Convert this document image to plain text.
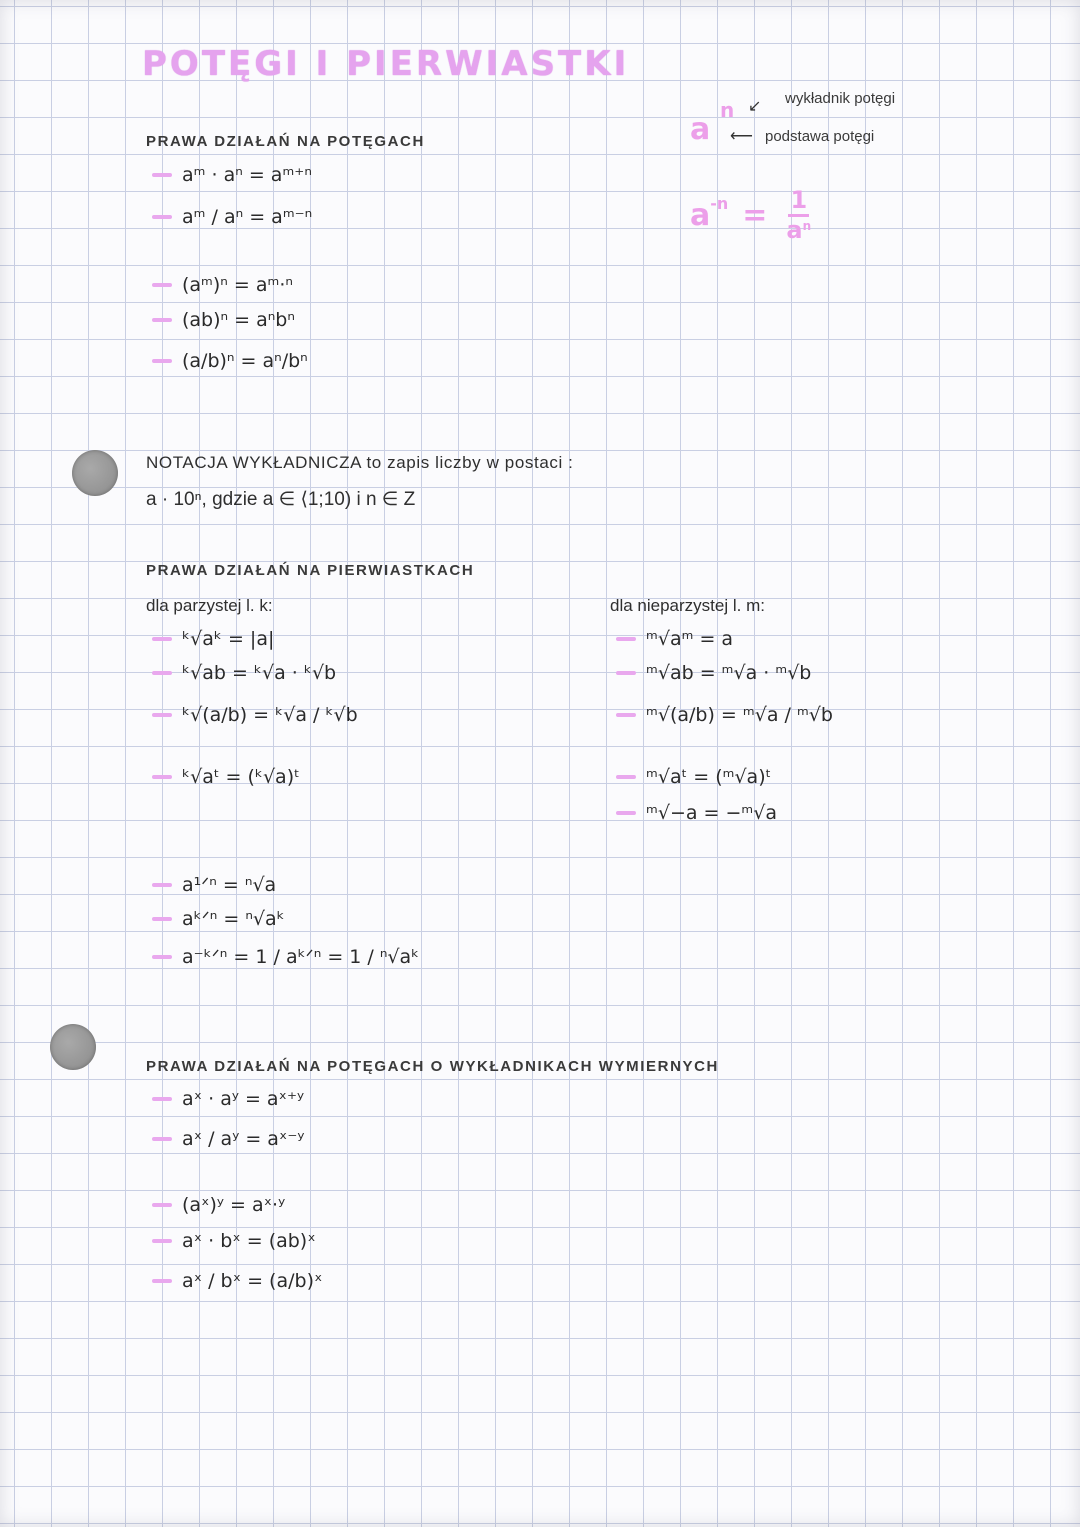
POTĘGI I PIERWIASTKI
a
n ↙ wykładnik potęgi
⟵ podstawa potęgi
a $-n = \frac{1}{a^n}$
PRAWA DZIAŁAŃ NA POTĘGACH
aᵐ · aⁿ = aᵐ⁺ⁿ
aᵐ / aⁿ = aᵐ⁻ⁿ
(aᵐ)ⁿ = aᵐ·ⁿ
(ab)ⁿ = aⁿbⁿ
(a/b)ⁿ = aⁿ/bⁿ
NOTACJA WYKŁADNICZA to zapis liczby w postaci :
a · 10ⁿ, gdzie a ∈ ⟨1;10) i n ∈ Z
PRAWA DZIAŁAŃ NA PIERWIASTKACH
dla parzystej l. k:
ᵏ√aᵏ = |a|
ᵏ√ab = ᵏ√a · ᵏ√b
ᵏ√(a/b) = ᵏ√a / ᵏ√b
ᵏ√aᵗ = (ᵏ√a)ᵗ
dla nieparzystej l. m:
ᵐ√aᵐ = a
ᵐ√ab = ᵐ√a · ᵐ√b
ᵐ√(a/b) = ᵐ√a / ᵐ√b
ᵐ√aᵗ = (ᵐ√a)ᵗ
ᵐ√−a = −ᵐ√a
a¹ᐟⁿ = ⁿ√a
aᵏᐟⁿ = ⁿ√aᵏ
a⁻ᵏᐟⁿ = 1 / aᵏᐟⁿ = 1 / ⁿ√aᵏ
PRAWA DZIAŁAŃ NA POTĘGACH O WYKŁADNIKACH WYMIERNYCH
aˣ · aʸ = aˣ⁺ʸ
aˣ / aʸ = aˣ⁻ʸ
(aˣ)ʸ = aˣ·ʸ
aˣ · bˣ = (ab)ˣ
aˣ / bˣ = (a/b)ˣ
